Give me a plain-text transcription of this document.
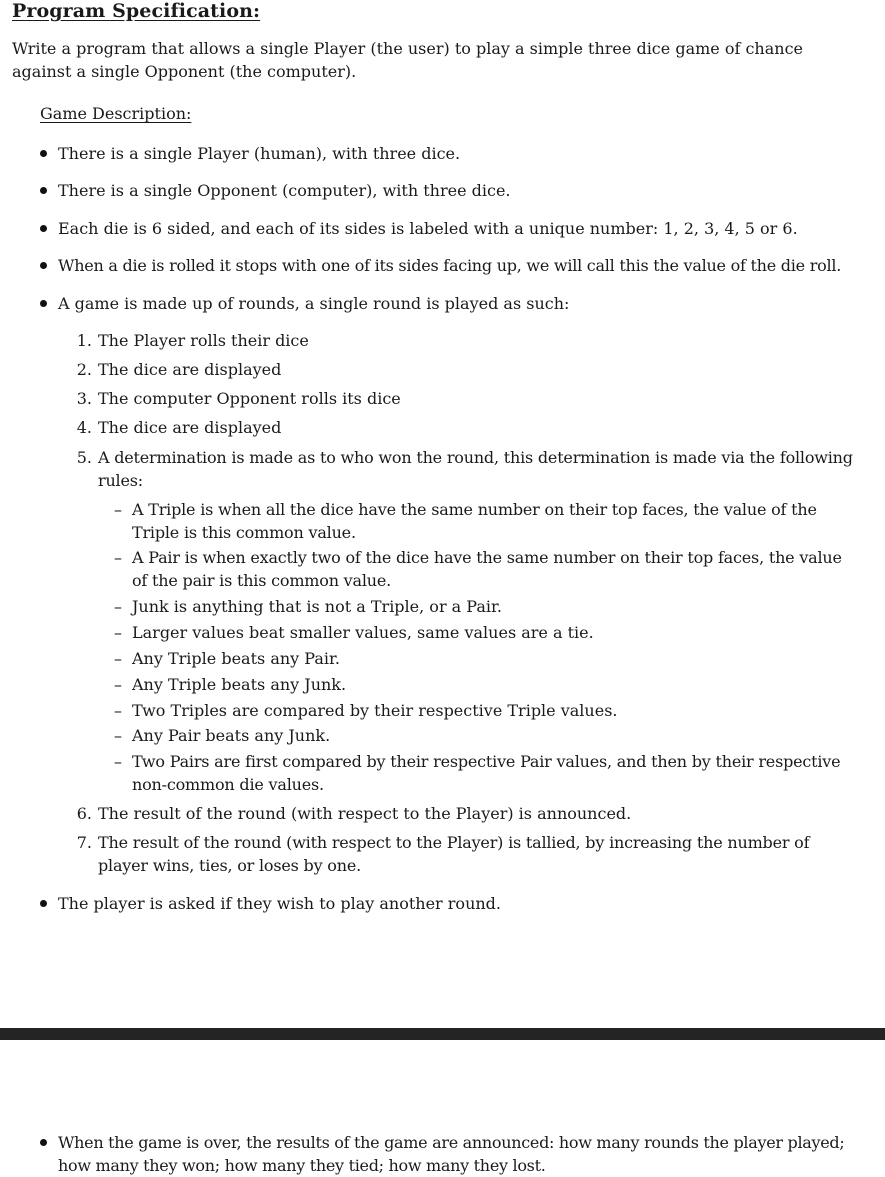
Program Specification:
Write a program that allows a single Player (the user) to play a simple three dice game of chance against a single Opponent (the computer).
Game Description:
There is a single Player (human), with three dice.
There is a single Opponent (computer), with three dice.
Each die is 6 sided, and each of its sides is labeled with a unique number: 1, 2, 3, 4, 5 or 6.
When a die is rolled it stops with one of its sides facing up, we will call this the value of the die roll.
A game is made up of rounds, a single round is played as such:
1. The Player rolls their dice
2. The dice are displayed
3. The computer Opponent rolls its dice
4. The dice are displayed
5. A determination is made as to who won the round, this determination is made via the following rules:
– A Triple is when all the dice have the same number on their top faces, the value of the Triple is this common value.
– A Pair is when exactly two of the dice have the same number on their top faces, the value of the pair is this common value.
– Junk is anything that is not a Triple, or a Pair.
– Larger values beat smaller values, same values are a tie.
– Any Triple beats any Pair.
– Any Triple beats any Junk.
– Two Triples are compared by their respective Triple values.
– Any Pair beats any Junk.
– Two Pairs are first compared by their respective Pair values, and then by their respective non-common die values.
6. The result of the round (with respect to the Player) is announced.
7. The result of the round (with respect to the Player) is tallied, by increasing the number of player wins, ties, or loses by one.
The player is asked if they wish to play another round.
When the game is over, the results of the game are announced: how many rounds the player played; how many they won; how many they tied; how many they lost.
